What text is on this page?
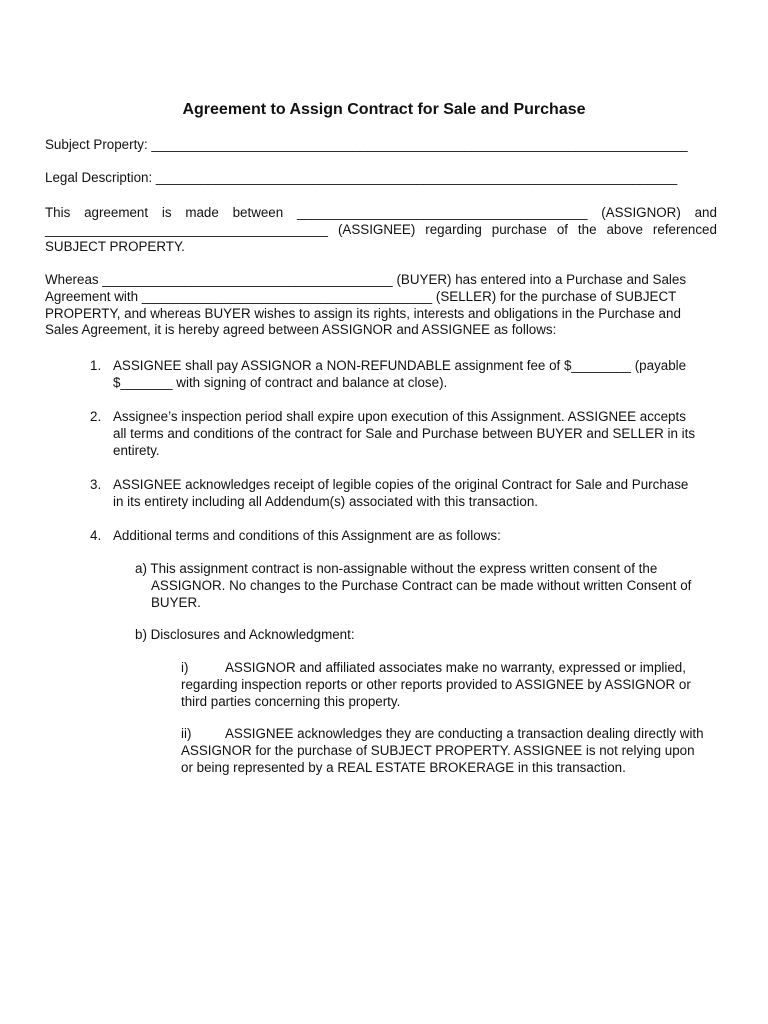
Agreement to Assign Contract for Sale and Purchase
Subject Property: ________________________________________________________________________
Legal Description: ______________________________________________________________________
This agreement is made between _______________________________________ (ASSIGNOR) and
______________________________________ (ASSIGNEE) regarding purchase of the above referenced
SUBJECT PROPERTY.
Whereas _______________________________________ (BUYER) has entered into a Purchase and Sales
Agreement with _______________________________________ (SELLER) for the purchase of SUBJECT
PROPERTY, and whereas BUYER wishes to assign its rights, interests and obligations in the Purchase and
Sales Agreement, it is hereby agreed between ASSIGNOR and ASSIGNEE as follows:
1. ASSIGNEE shall pay ASSIGNOR a NON-REFUNDABLE assignment fee of $________ (payable
$_______ with signing of contract and balance at close).
2. Assignee’s inspection period shall expire upon execution of this Assignment. ASSIGNEE accepts
all terms and conditions of the contract for Sale and Purchase between BUYER and SELLER in its
entirety.
3. ASSIGNEE acknowledges receipt of legible copies of the original Contract for Sale and Purchase
in its entirety including all Addendum(s) associated with this transaction.
4. Additional terms and conditions of this Assignment are as follows:
a) This assignment contract is non-assignable without the express written consent of the
ASSIGNOR. No changes to the Purchase Contract can be made without written Consent of
BUYER.
b) Disclosures and Acknowledgment:
i)	ASSIGNOR and affiliated associates make no warranty, expressed or implied,
regarding inspection reports or other reports provided to ASSIGNEE by ASSIGNOR or
third parties concerning this property.
ii)	ASSIGNEE acknowledges they are conducting a transaction dealing directly with
ASSIGNOR for the purchase of SUBJECT PROPERTY. ASSIGNEE is not relying upon
or being represented by a REAL ESTATE BROKERAGE in this transaction.
